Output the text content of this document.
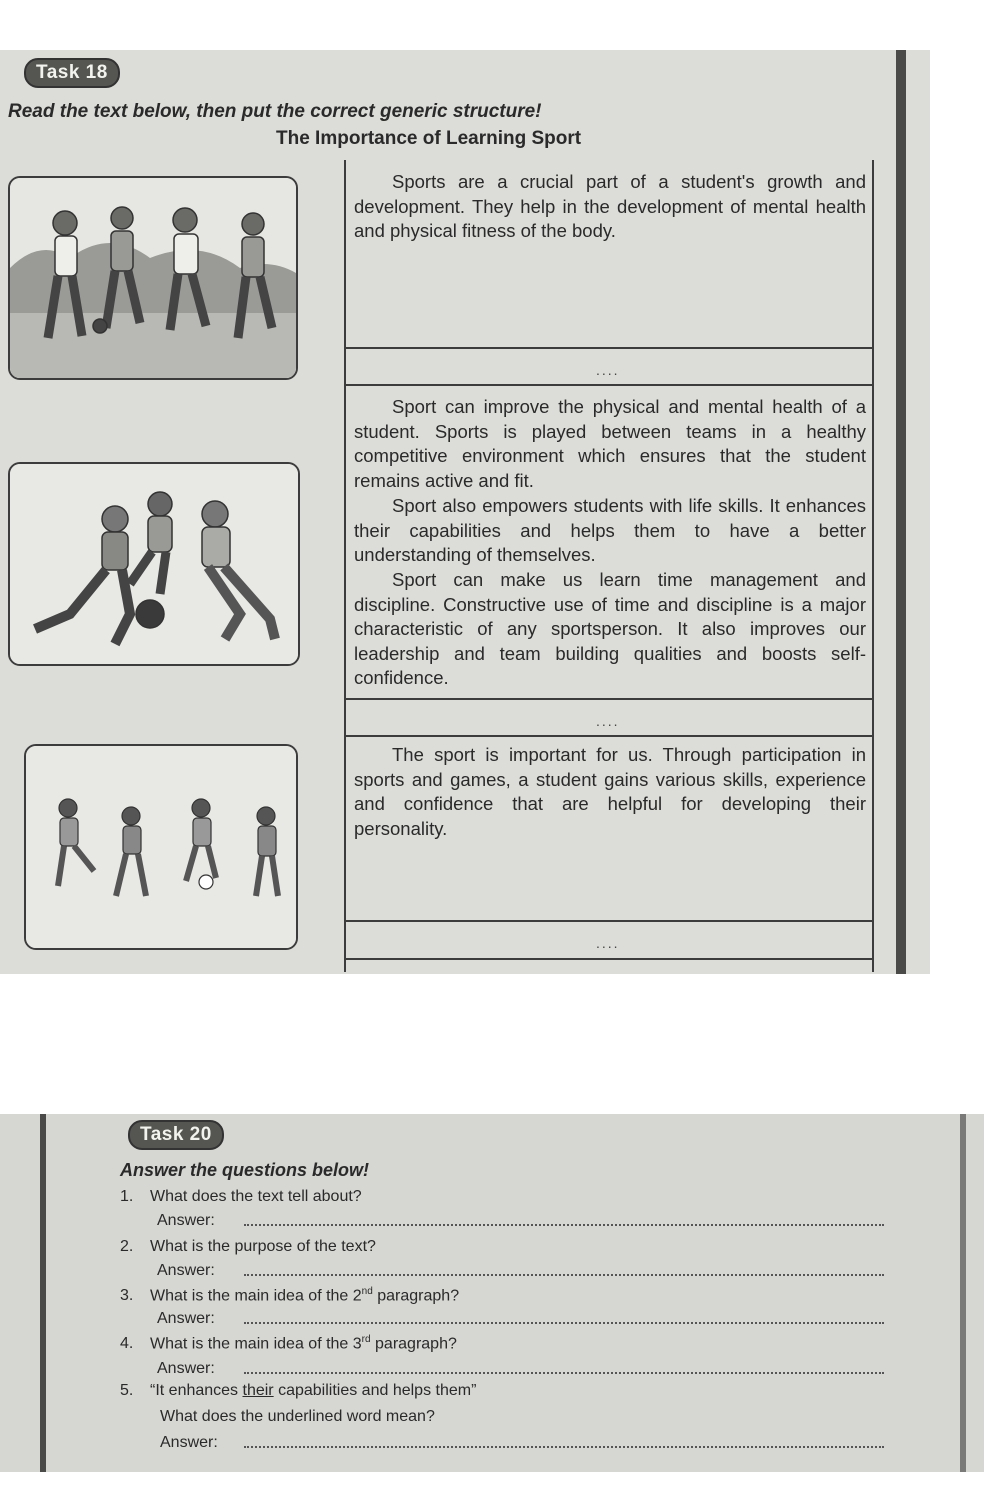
Task 18
Read the text below, then put the correct generic structure!
The Importance of Learning Sport

Sports are a crucial part of a student's growth and development. They help in the development of mental health and physical fitness of the body.

....

Sport can improve the physical and mental health of a student. Sports is played between teams in a healthy competitive environment which ensures that the student remains active and fit.

Sport also empowers students with life skills. It enhances their capabilities and helps them to have a better understanding of themselves.

Sport can make us learn time management and discipline. Constructive use of time and discipline is a major characteristic of any sportsperson. It also improves our leadership and team building qualities and boosts self-confidence.

....

The sport is important for us. Through participation in sports and games, a student gains various skills, experience and confidence that are helpful for developing their personality.

....
Task 20
Answer the questions below!
1. What does the text tell about?
Answer:
2. What is the purpose of the text?
Answer:
3. What is the main idea of the 2nd paragraph?
Answer:
4. What is the main idea of the 3rd paragraph?
Answer:
5. “It enhances their capabilities and helps them”
What does the underlined word mean?
Answer:
